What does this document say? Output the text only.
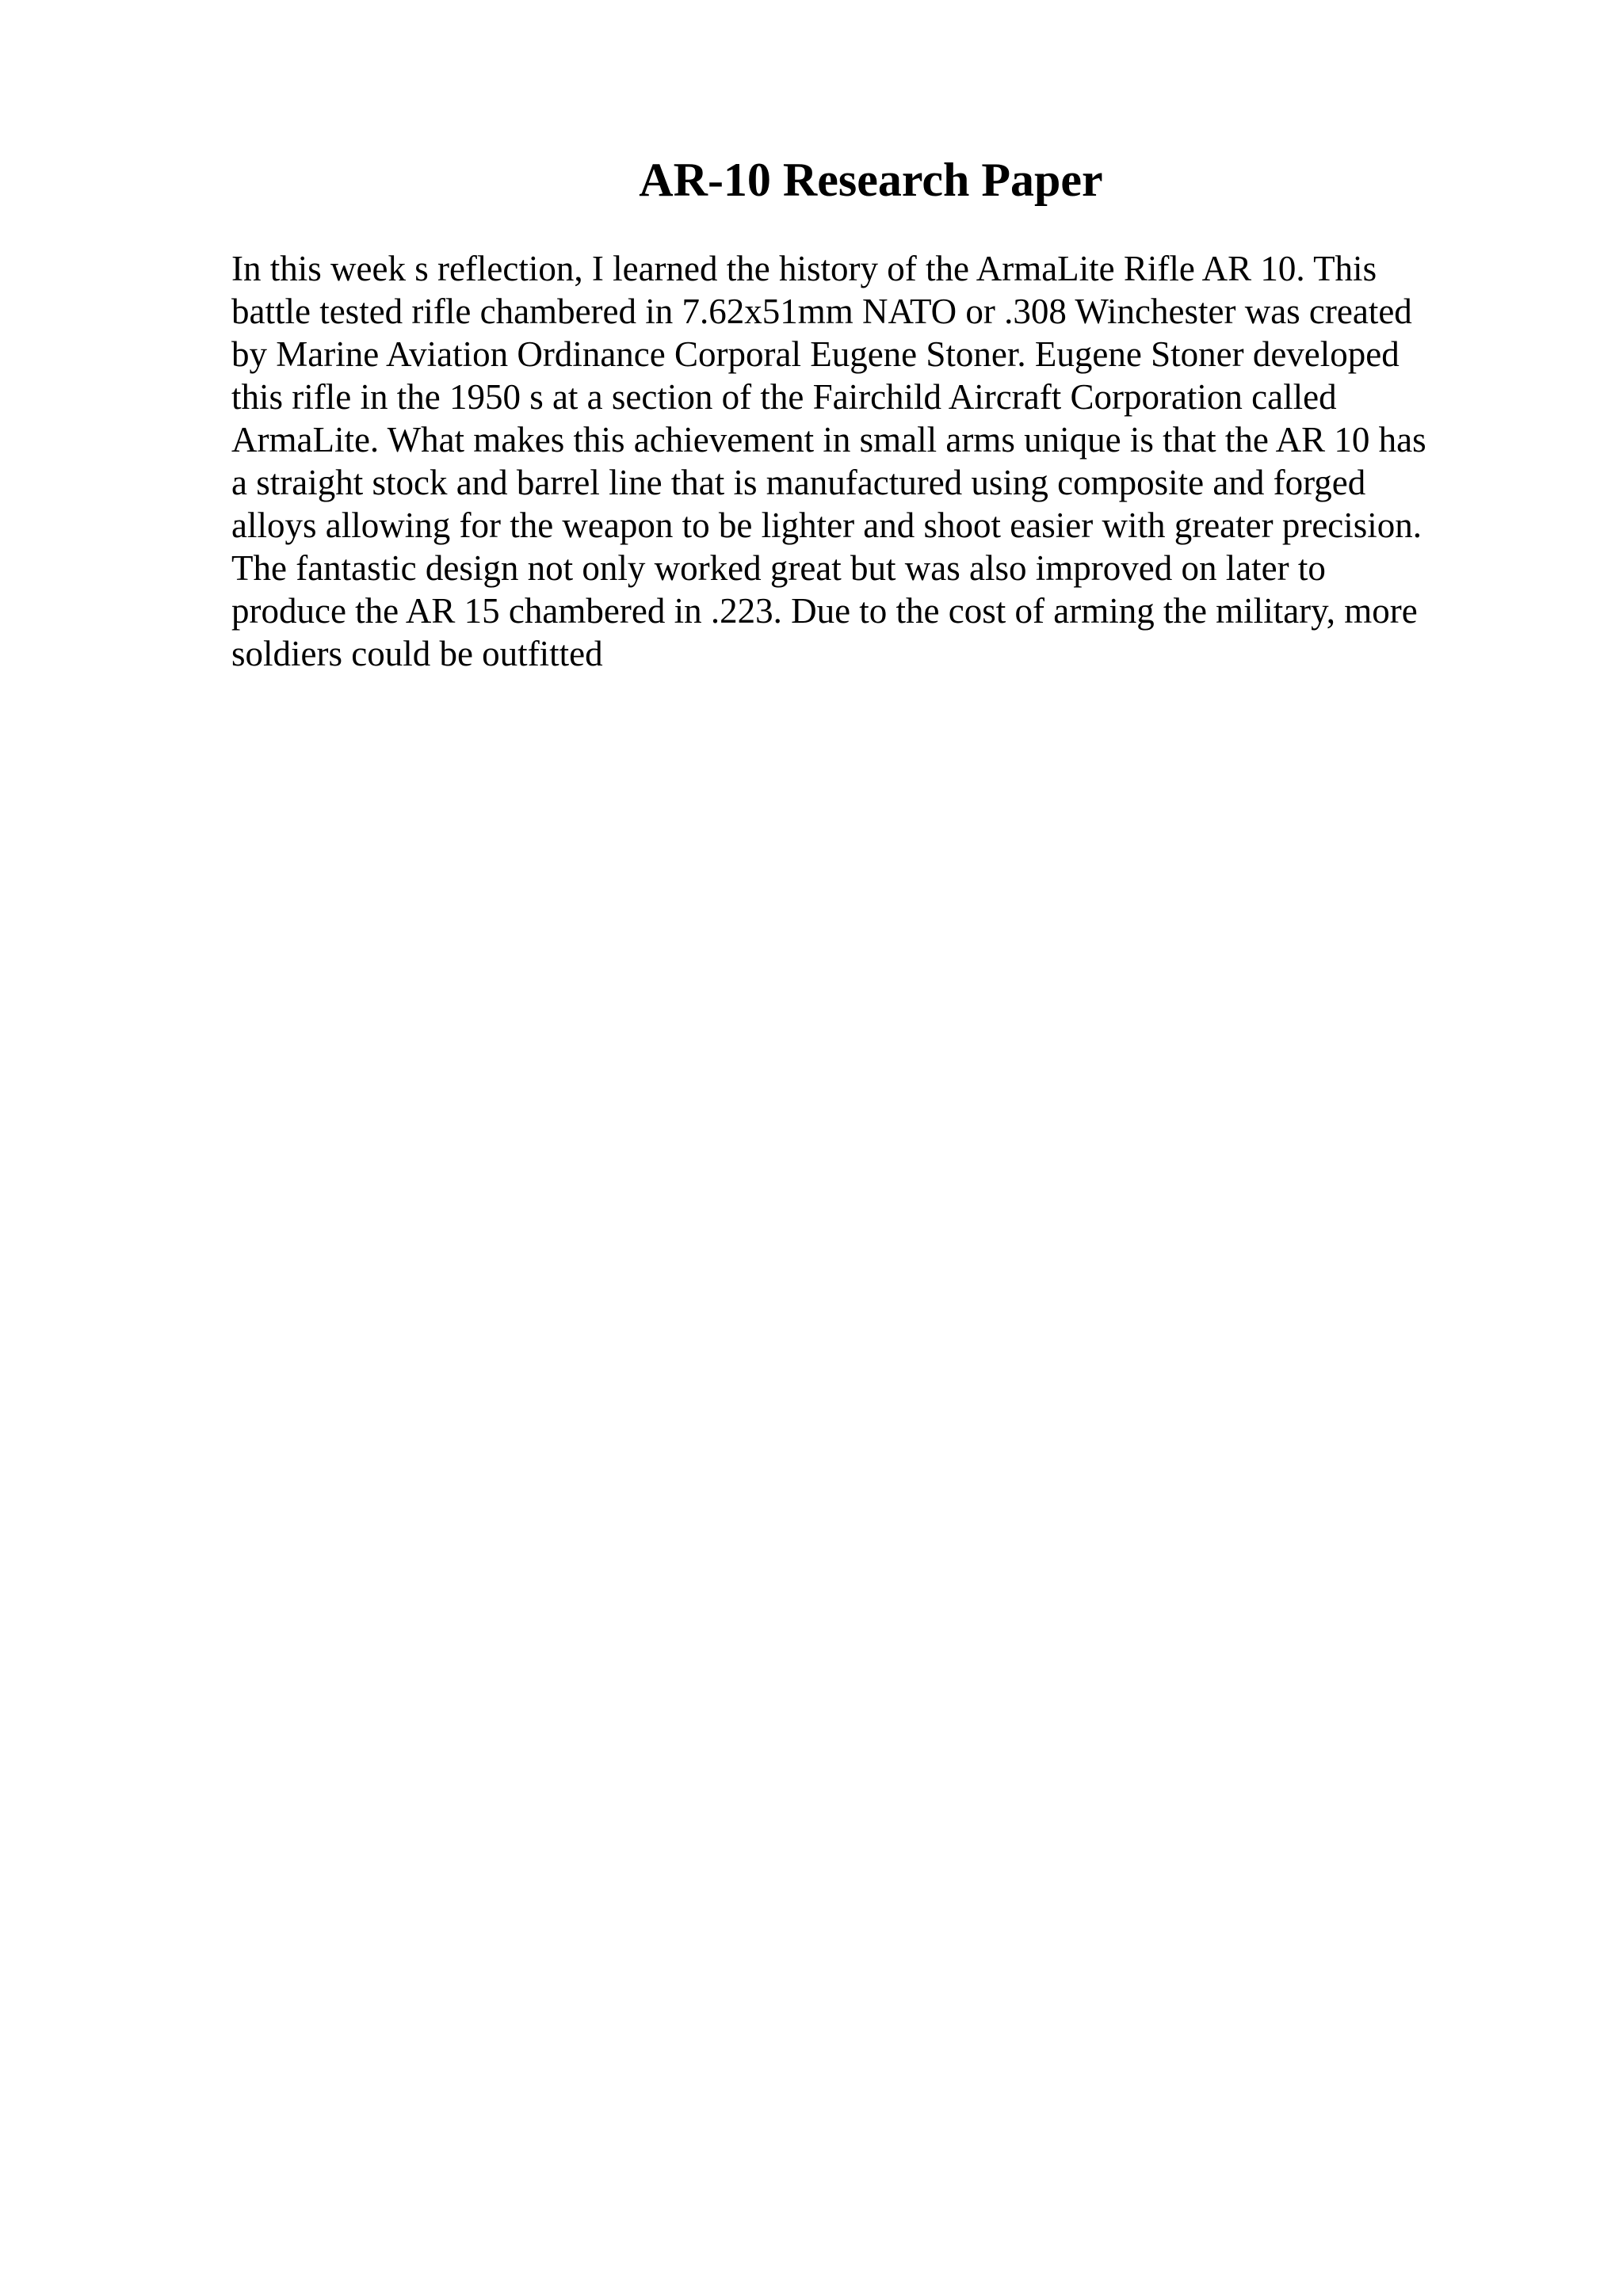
AR-10 Research Paper

In this week s reflection, I learned the history of the ArmaLite Rifle AR 10. This
battle tested rifle chambered in 7.62x51mm NATO or .308 Winchester was created
by Marine Aviation Ordinance Corporal Eugene Stoner. Eugene Stoner developed
this rifle in the 1950 s at a section of the Fairchild Aircraft Corporation called
ArmaLite. What makes this achievement in small arms unique is that the AR 10 has
a straight stock and barrel line that is manufactured using composite and forged
alloys allowing for the weapon to be lighter and shoot easier with greater precision.
The fantastic design not only worked great but was also improved on later to
produce the AR 15 chambered in .223. Due to the cost of arming the military, more
soldiers could be outfitted
